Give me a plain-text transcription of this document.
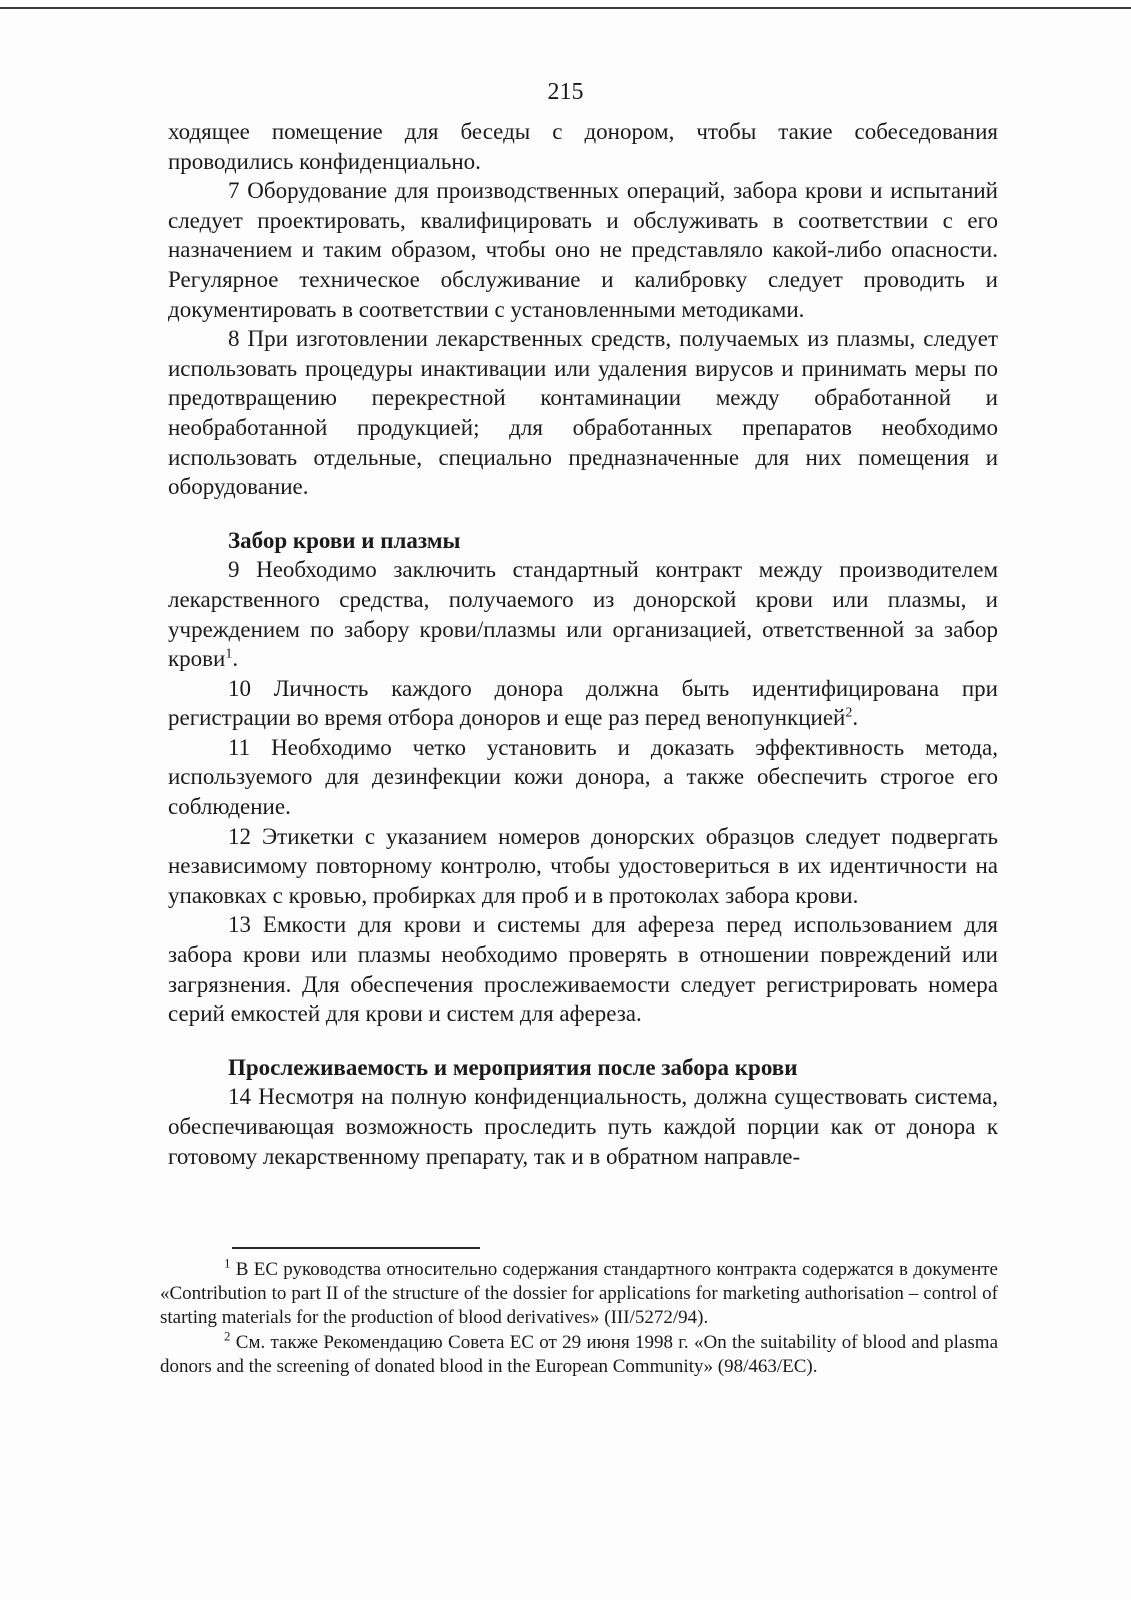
215

ходящее помещение для беседы с донором, чтобы такие собеседования проводились конфиденциально.

7 Оборудование для производственных операций, забора крови и испытаний следует проектировать, квалифицировать и обслуживать в соответствии с его назначением и таким образом, чтобы оно не представляло какой-либо опасности. Регулярное техническое обслуживание и калибровку следует проводить и документировать в соответствии с установленными методиками.

8 При изготовлении лекарственных средств, получаемых из плазмы, следует использовать процедуры инактивации или удаления вирусов и принимать меры по предотвращению перекрестной контаминации между обработанной и необработанной продукцией; для обработанных препаратов необходимо использовать отдельные, специально предназначенные для них помещения и оборудование.

Забор крови и плазмы

9 Необходимо заключить стандартный контракт между производителем лекарственного средства, получаемого из донорской крови или плазмы, и учреждением по забору крови/плазмы или организацией, ответственной за забор крови$^1$.

10 Личность каждого донора должна быть идентифицирована при регистрации во время отбора доноров и еще раз перед венопункцией$^2$.

11 Необходимо четко установить и доказать эффективность метода, используемого для дезинфекции кожи донора, а также обеспечить строгое его соблюдение.

12 Этикетки с указанием номеров донорских образцов следует подвергать независимому повторному контролю, чтобы удостовериться в их идентичности на упаковках с кровью, пробирках для проб и в протоколах забора крови.

13 Емкости для крови и системы для афереза перед использованием для забора крови или плазмы необходимо проверять в отношении повреждений или загрязнения. Для обеспечения прослеживаемости следует регистрировать номера серий емкостей для крови и систем для афереза.

Прослеживаемость и мероприятия после забора крови

14 Несмотря на полную конфиденциальность, должна существовать система, обеспечивающая возможность проследить путь каждой порции как от донора к готовому лекарственному препарату, так и в обратном направле-

$^1$ В ЕС руководства относительно содержания стандартного контракта содержатся в документе «Contribution to part II of the structure of the dossier for applications for marketing authorisation – control of starting materials for the production of blood derivatives» (III/5272/94).

$^2$ См. также Рекомендацию Совета ЕС от 29 июня 1998 г. «On the suitability of blood and plasma donors and the screening of donated blood in the European Community» (98/463/EC).
